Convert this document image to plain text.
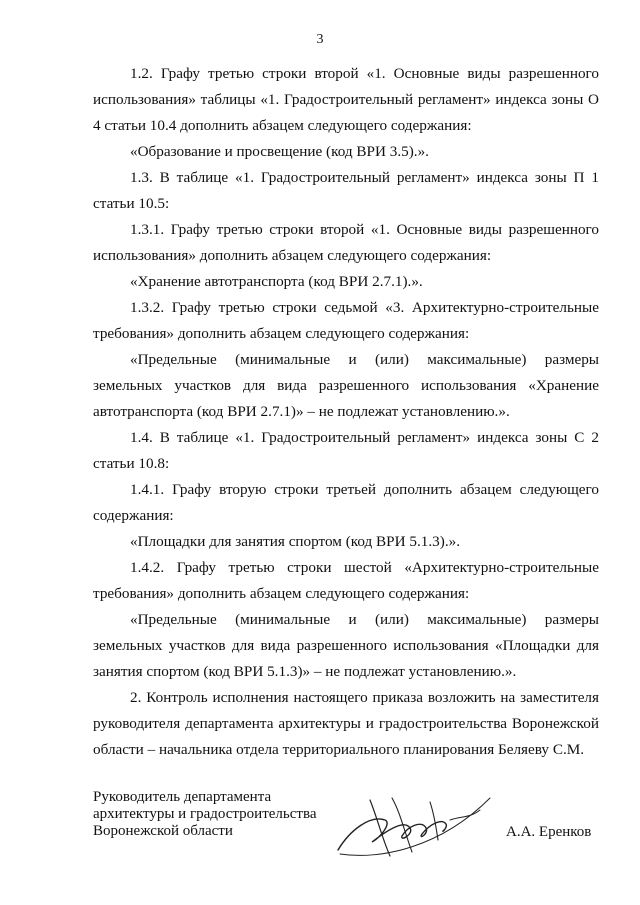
3

1.2. Графу третью строки второй «1. Основные виды разрешенного использования» таблицы «1. Градостроительный регламент» индекса зоны О 4 статьи 10.4 дополнить абзацем следующего содержания:

«Образование и просвещение (код ВРИ 3.5).».

1.3. В таблице «1. Градостроительный регламент» индекса зоны П 1 статьи 10.5:

1.3.1. Графу третью строки второй «1. Основные виды разрешенного использования» дополнить абзацем следующего содержания:

«Хранение автотранспорта (код ВРИ 2.7.1).».

1.3.2. Графу третью строки седьмой «3. Архитектурно-строительные требования» дополнить абзацем следующего содержания:

«Предельные (минимальные и (или) максимальные) размеры земельных участков для вида разрешенного использования «Хранение автотранспорта (код ВРИ 2.7.1)» – не подлежат установлению.».

1.4. В таблице «1. Градостроительный регламент» индекса зоны С 2 статьи 10.8:

1.4.1. Графу вторую строки третьей дополнить абзацем следующего содержания:

«Площадки для занятия спортом (код ВРИ 5.1.3).».

1.4.2. Графу третью строки шестой «Архитектурно-строительные требования» дополнить абзацем следующего содержания:

«Предельные (минимальные и (или) максимальные) размеры земельных участков для вида разрешенного использования «Площадки для занятия спортом (код ВРИ 5.1.3)» – не подлежат установлению.».

2. Контроль исполнения настоящего приказа возложить на заместителя руководителя департамента архитектуры и градостроительства Воронежской области – начальника отдела территориального планирования Беляеву С.М.

Руководитель департамента
архитектуры и градостроительства
Воронежской области	А.А. Еренков
